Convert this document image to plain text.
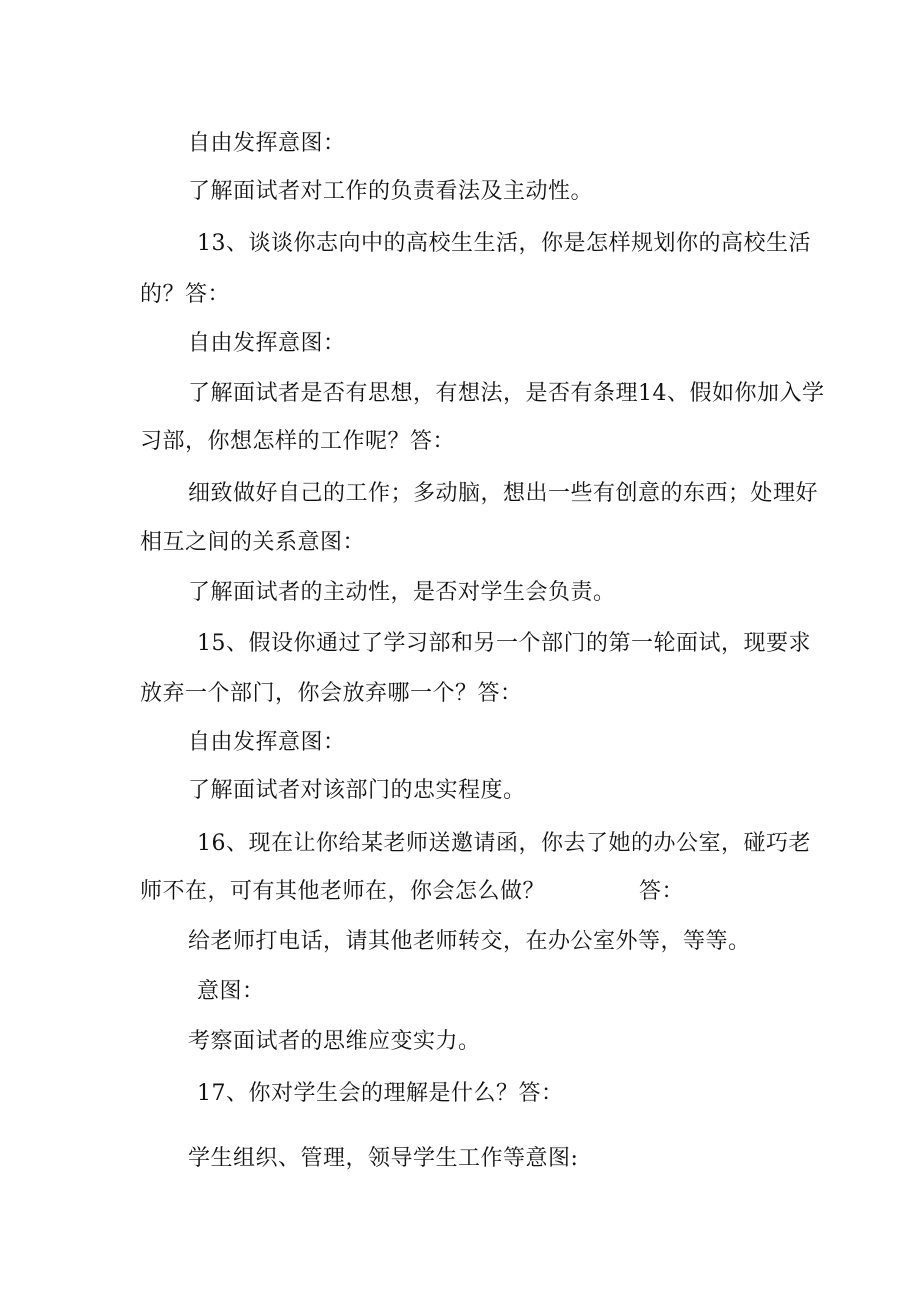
自由发挥意图：
了解面试者对工作的负责看法及主动性。
13、谈谈你志向中的高校生生活，你是怎样规划你的高校生活
的？答：
自由发挥意图：
了解面试者是否有思想，有想法，是否有条理14、假如你加入学
习部，你想怎样的工作呢？答：
细致做好自己的工作；多动脑，想出一些有创意的东西；处理好
相互之间的关系意图：
了解面试者的主动性，是否对学生会负责。
15、假设你通过了学习部和另一个部门的第一轮面试，现要求
放弃一个部门，你会放弃哪一个？答：
自由发挥意图：
了解面试者对该部门的忠实程度。
16、现在让你给某老师送邀请函，你去了她的办公室，碰巧老
师不在，可有其他老师在，你会怎么做？	答：
给老师打电话，请其他老师转交，在办公室外等，等等。
意图：
考察面试者的思维应变实力。
17、你对学生会的理解是什么？答：
学生组织、管理，领导学生工作等意图:
